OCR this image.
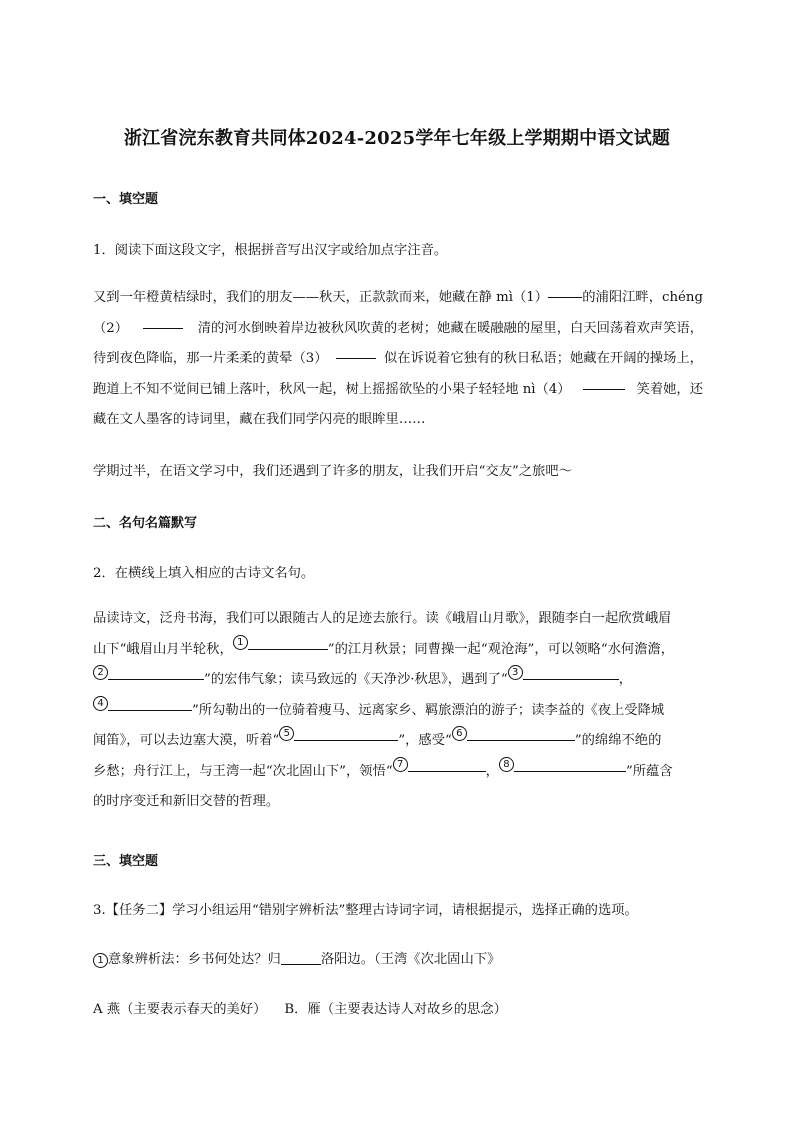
浙江省浣东教育共同体2024-2025学年七年级上学期期中语文试题
一、填空题
1．阅读下面这段文字，根据拼音写出汉字或给加点字注音。
又到一年橙黄桔绿时，我们的朋友——秋天，正款款而来，她藏在静 mì（1）	的浦阳江畔，chéng
（2）	清的河水倒映着岸边被秋风吹黄的老树；她藏在暖融融的屋里，白天回荡着欢声笑语，
待到夜色降临，那一片柔柔的黄晕（3）	似在诉说着它独有的秋日私语；她藏在开阔的操场上，
跑道上不知不觉间已铺上落叶，秋风一起，树上摇摇欲坠的小果子轻轻地 nì（4）	笑着她，还
藏在文人墨客的诗词里，藏在我们同学闪亮的眼眸里……
学期过半，在语文学习中，我们还遇到了许多的朋友，让我们开启“交友”之旅吧～
二、名句名篇默写
2．在横线上填入相应的古诗文名句。
品读诗文，泛舟书海，我们可以跟随古人的足迹去旅行。读《峨眉山月歌》，跟随李白一起欣赏峨眉
山下“峨眉山月半轮秋， 1	”的江月秋景；同曹操一起“观沧海”，可以领略“水何澹澹，
2	”的宏伟气象；读马致远的《天净沙·秋思》，遇到了“ 3	，
4	”所勾勒出的一位骑着瘦马、远离家乡、羁旅漂泊的游子；读李益的《夜上受降城
闻笛》，可以去边塞大漠，听着“ 5	”，感受“ 6	”的绵绵不绝的
乡愁；舟行江上，与王湾一起“次北固山下”，领悟“ 7	， 8	”所蕴含
的时序变迁和新旧交替的哲理。
三、填空题
3.【任务二】学习小组运用“错别字辨析法”整理古诗词字词，请根据提示，选择正确的选项。
1 意象辨析法：乡书何处达？归	洛阳边。（王湾《次北固山下》
A 燕（主要表示春天的美好） B．雁（主要表达诗人对故乡的思念）
